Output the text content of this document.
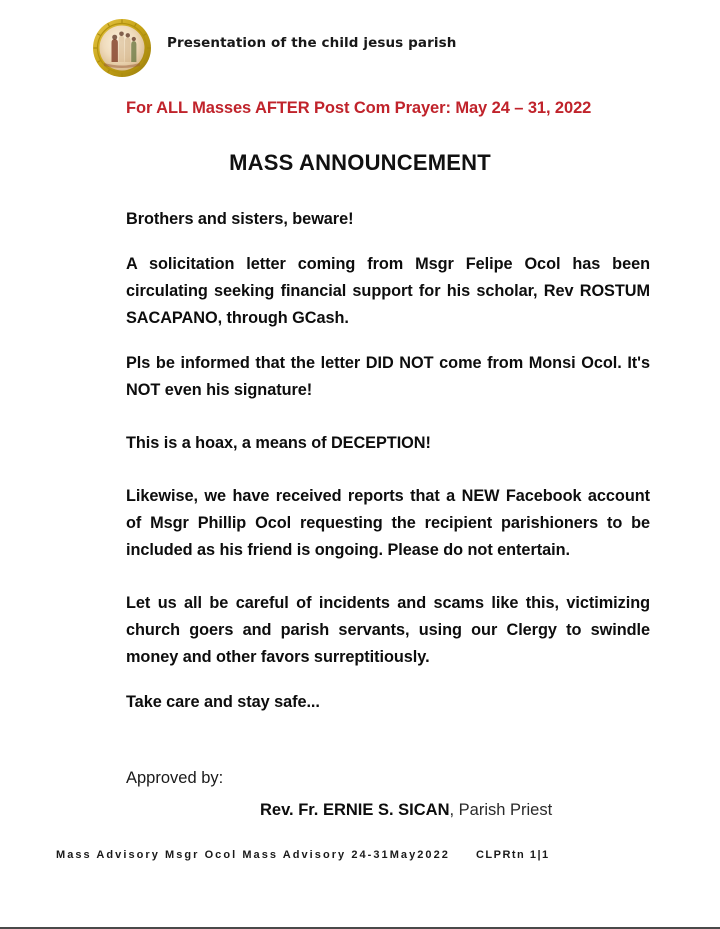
Presentation of the child jesus parish
For ALL Masses AFTER Post Com Prayer: May 24 – 31, 2022
MASS ANNOUNCEMENT

Brothers and sisters, beware!

A solicitation letter coming from Msgr Felipe Ocol has been circulating seeking financial support for his scholar, Rev ROSTUM SACAPANO, through GCash.

Pls be informed that the letter DID NOT come from Monsi Ocol. It's NOT even his signature!

This is a hoax, a means of DECEPTION!

Likewise, we have received reports that a NEW Facebook account of Msgr Phillip Ocol requesting the recipient parishioners to be included as his friend is ongoing. Please do not entertain.

Let us all be careful of incidents and scams like this, victimizing church goers and parish servants, using our Clergy to swindle money and other favors surreptitiously.

Take care and stay safe...

Approved by:
Rev. Fr. ERNIE S. SICAN, Parish Priest
Mass Advisory Msgr Ocol Mass Advisory 24-31May2022 CLPRtn 1|1
